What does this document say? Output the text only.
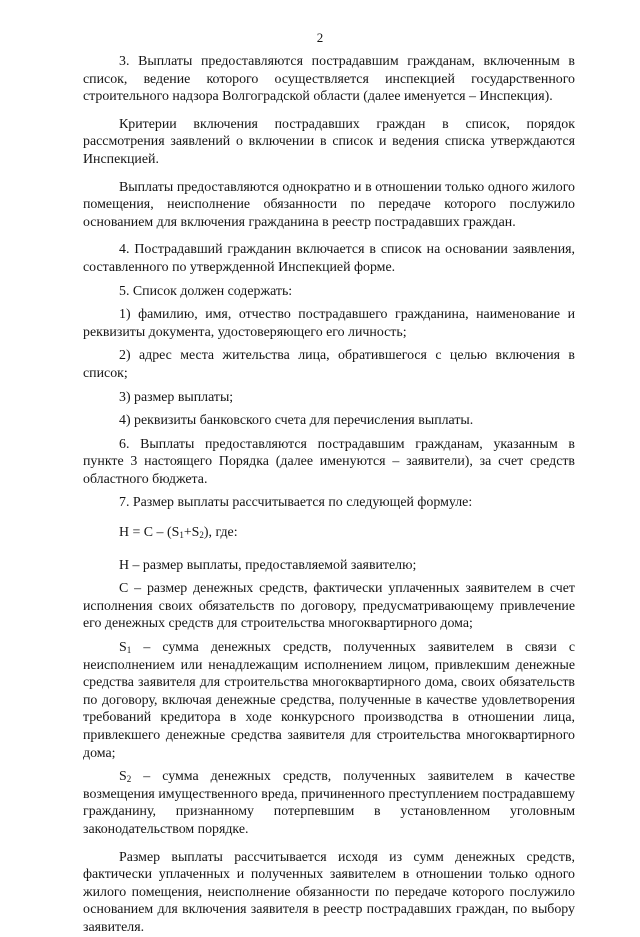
2

3. Выплаты предоставляются пострадавшим гражданам, включенным в список, ведение которого осуществляется инспекцией государственного строительного надзора Волгоградской области (далее именуется – Инспекция).

Критерии включения пострадавших граждан в список, порядок рассмотрения заявлений о включении в список и ведения списка утверждаются Инспекцией.

Выплаты предоставляются однократно и в отношении только одного жилого помещения, неисполнение обязанности по передаче которого послужило основанием для включения гражданина в реестр пострадавших граждан.

4. Пострадавший гражданин включается в список на основании заявления, составленного по утвержденной Инспекцией форме.

5. Список должен содержать:

1) фамилию, имя, отчество пострадавшего гражданина, наименование и реквизиты документа, удостоверяющего его личность;

2) адрес места жительства лица, обратившегося с целью включения в список;

3) размер выплаты;

4) реквизиты банковского счета для перечисления выплаты.

6. Выплаты предоставляются пострадавшим гражданам, указанным в пункте 3 настоящего Порядка (далее именуются – заявители), за счет средств областного бюджета.

7. Размер выплаты рассчитывается по следующей формуле:

$Н = С - (S_1+S_2)$, где:

Н – размер выплаты, предоставляемой заявителю;

С – размер денежных средств, фактически уплаченных заявителем в счет исполнения своих обязательств по договору, предусматривающему привлечение его денежных средств для строительства многоквартирного дома;

$S_1$ – сумма денежных средств, полученных заявителем в связи с неисполнением или ненадлежащим исполнением лицом, привлекшим денежные средства заявителя для строительства многоквартирного дома, своих обязательств по договору, включая денежные средства, полученные в качестве удовлетворения требований кредитора в ходе конкурсного производства в отношении лица, привлекшего денежные средства заявителя для строительства многоквартирного дома;

$S_2$ – сумма денежных средств, полученных заявителем в качестве возмещения имущественного вреда, причиненного преступлением пострадавшему гражданину, признанному потерпевшим в установленном уголовным законодательством порядке.

Размер выплаты рассчитывается исходя из сумм денежных средств, фактически уплаченных и полученных заявителем в отношении только одного жилого помещения, неисполнение обязанности по передаче которого послужило основанием для включения заявителя в реестр пострадавших граждан, по выбору заявителя.
